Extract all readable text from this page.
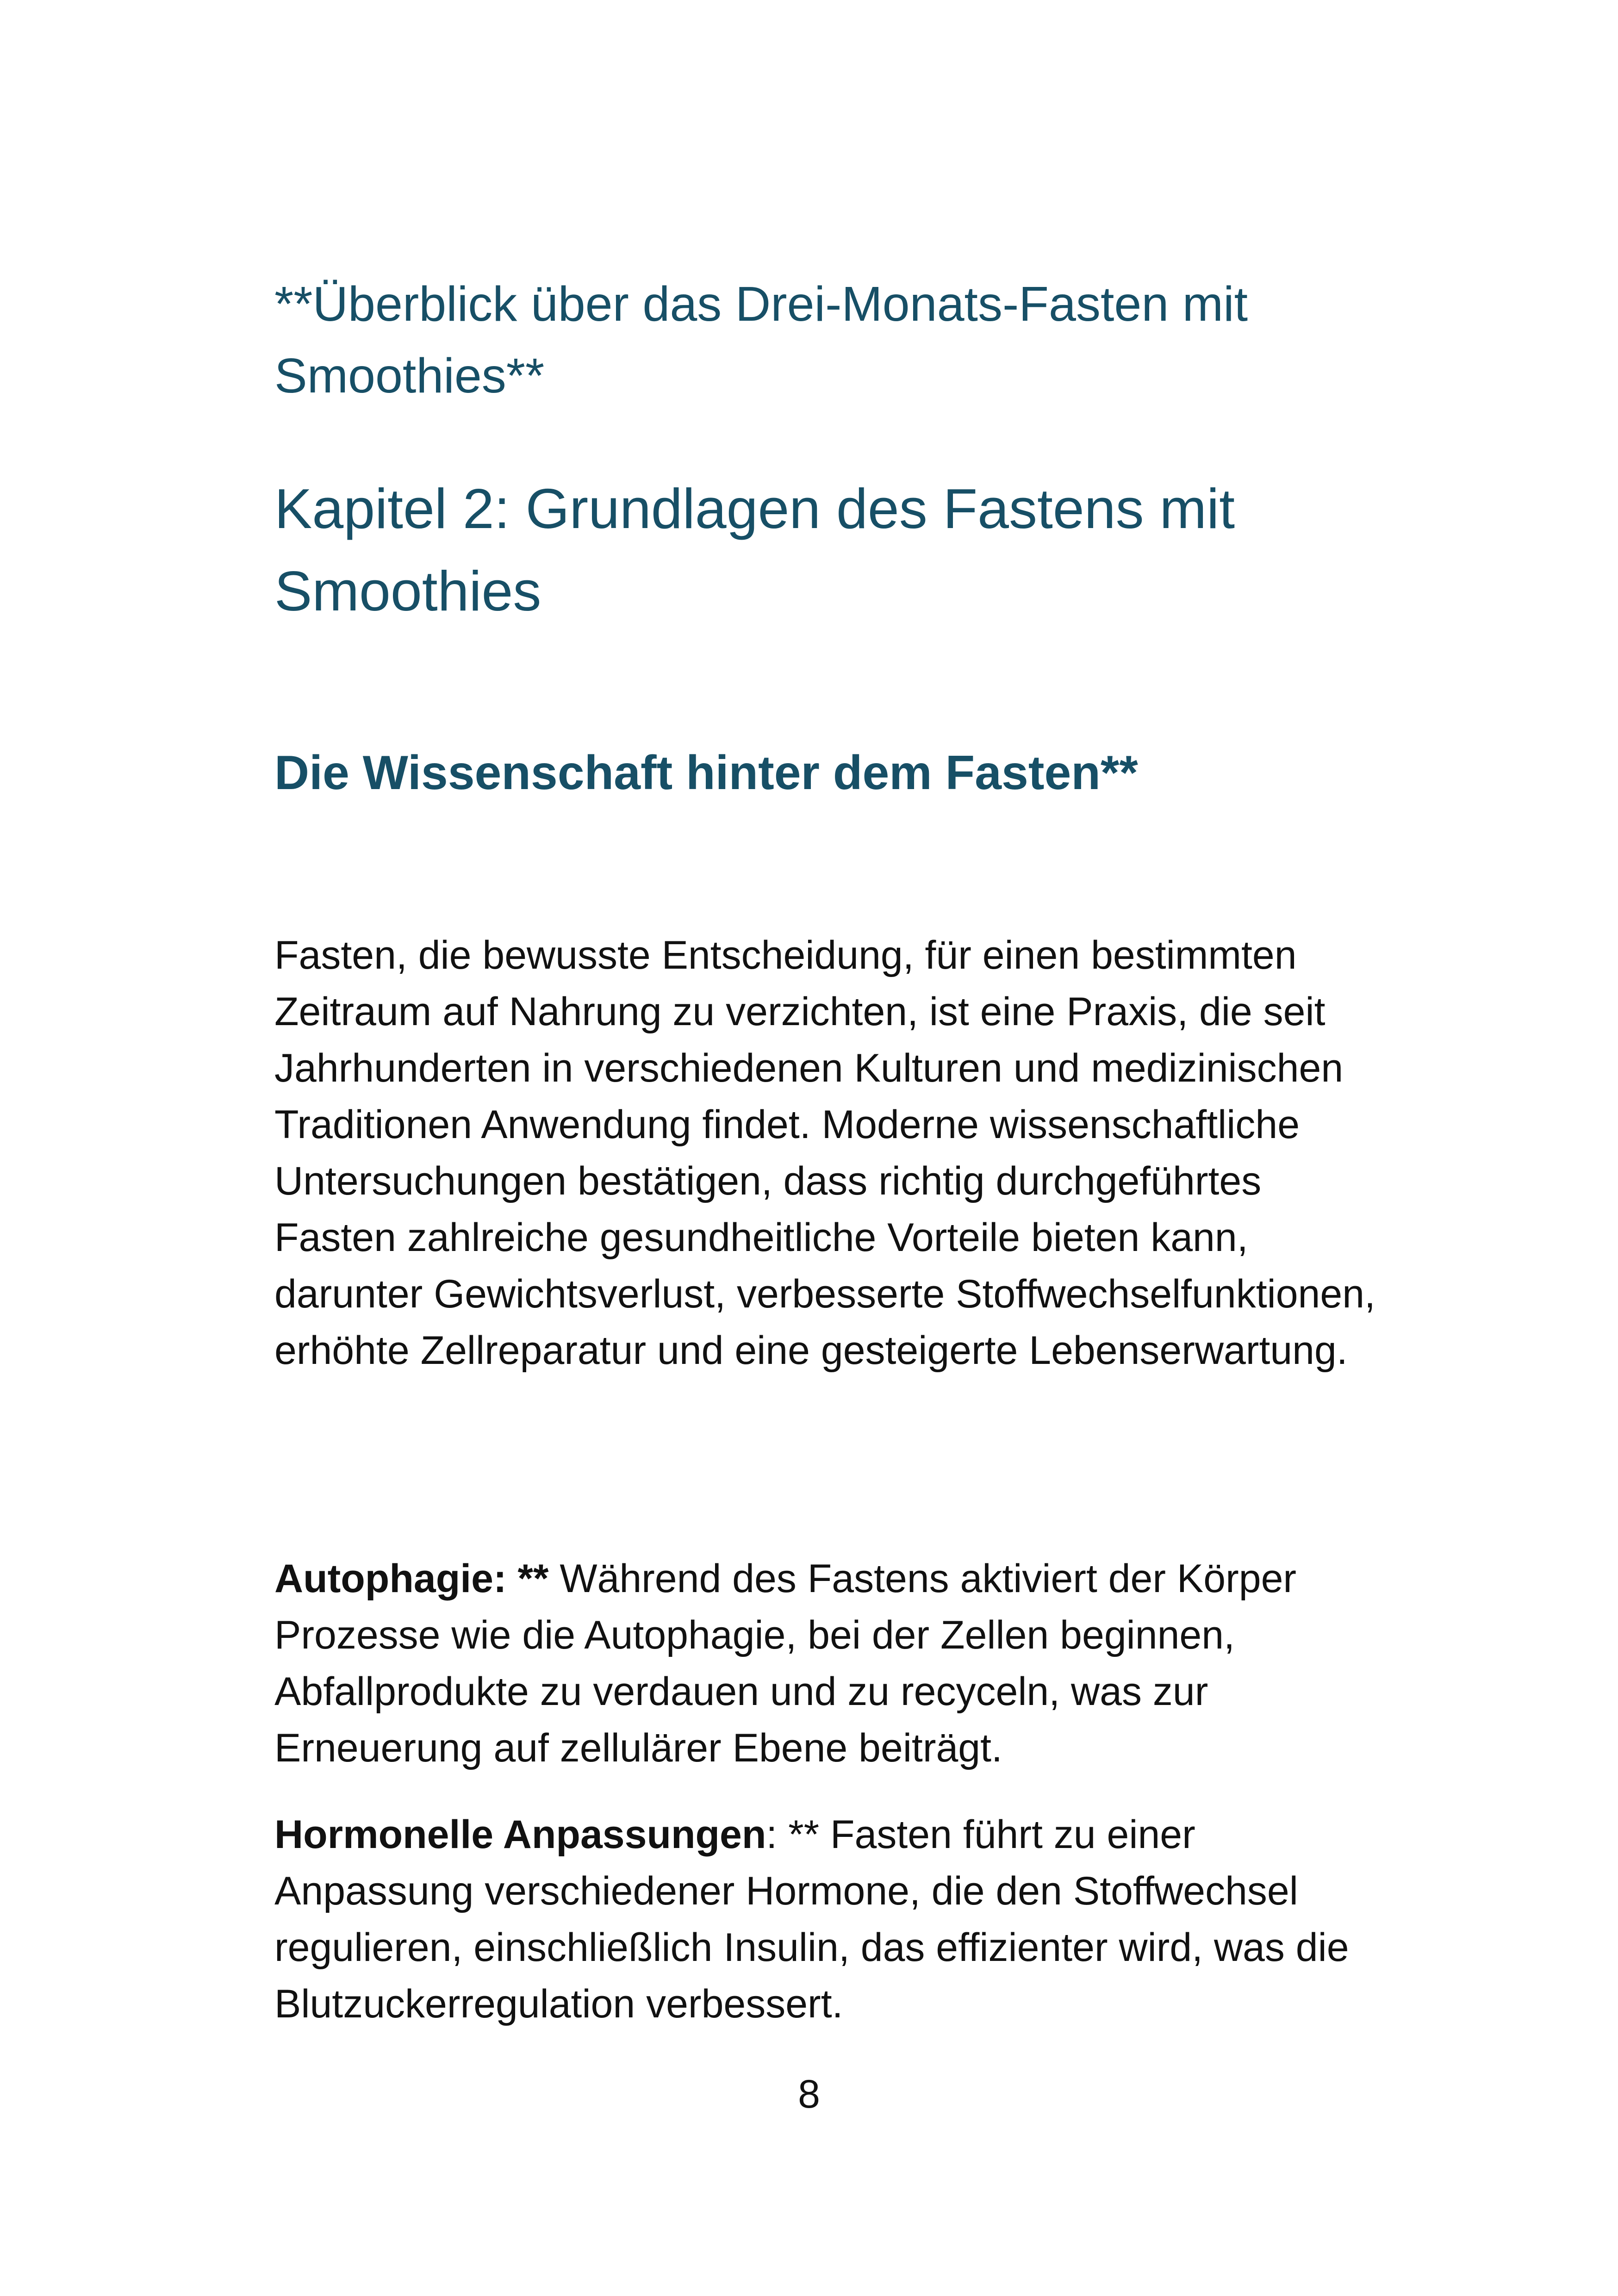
**Überblick über das Drei-Monats-Fasten mit Smoothies**
Kapitel 2: Grundlagen des Fastens mit Smoothies
Die Wissenschaft hinter dem Fasten**

Fasten, die bewusste Entscheidung, für einen bestimmten Zeitraum auf Nahrung zu verzichten, ist eine Praxis, die seit Jahrhunderten in verschiedenen Kulturen und medizinischen Traditionen Anwendung findet. Moderne wissenschaftliche Untersuchungen bestätigen, dass richtig durchgeführtes Fasten zahlreiche gesundheitliche Vorteile bieten kann, darunter Gewichtsverlust, verbesserte Stoffwechselfunktionen, erhöhte Zellreparatur und eine gesteigerte Lebenserwartung.

Autophagie: ** Während des Fastens aktiviert der Körper Prozesse wie die Autophagie, bei der Zellen beginnen, Abfallprodukte zu verdauen und zu recyceln, was zur Erneuerung auf zellulärer Ebene beiträgt.

Hormonelle Anpassungen: ** Fasten führt zu einer Anpassung verschiedener Hormone, die den Stoffwechsel regulieren, einschließlich Insulin, das effizienter wird, was die Blutzuckerregulation verbessert.

8
